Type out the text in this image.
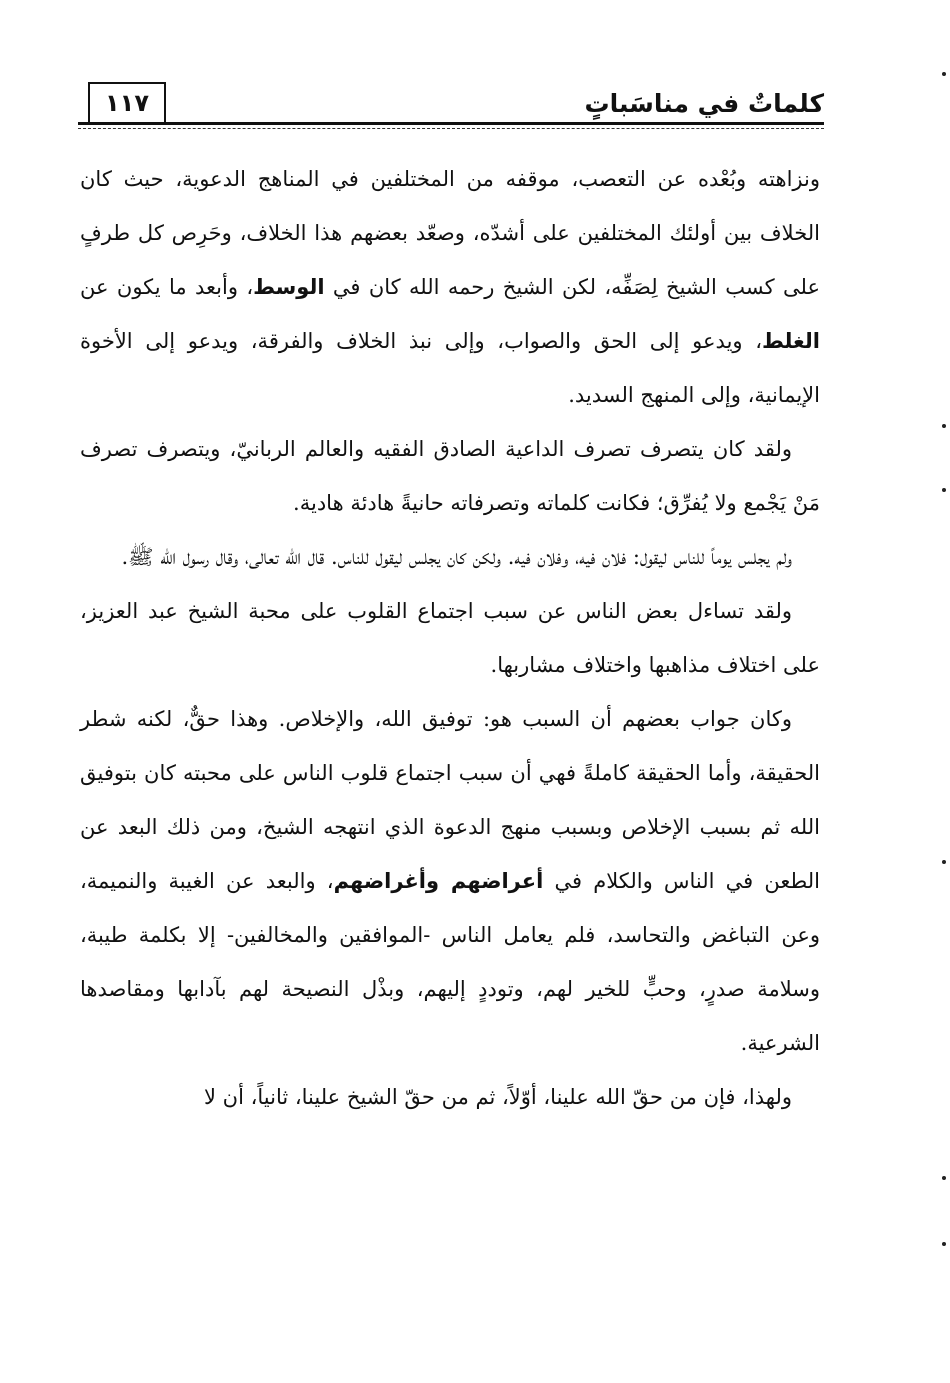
كلماتٌ في مناسَباتٍ
١١٧

ونزاهته وبُعْده عن التعصب، موقفه من المختلفين في المناهج الدعوية، حيث كان الخلاف بين أولئك المختلفين على أشدّه، وصعّد بعضهم هذا الخلاف، وحَرِص كل طرفٍ على كسب الشيخ لِصَفِّه، لكن الشيخ رحمه الله كان في الوسط، وأبعد ما يكون عن الغلط، ويدعو إلى الحق والصواب، وإلى نبذ الخلاف والفرقة، ويدعو إلى الأخوة الإيمانية، وإلى المنهج السديد.

ولقد كان يتصرف تصرف الداعية الصادق الفقيه والعالم الربانيّ، ويتصرف تصرف مَنْ يَجْمع ولا يُفرِّق؛ فكانت كلماته وتصرفاته حانيةً هادئة هادية.

ولم يجلس يوماً للناس ليقول: فلان فيه، وفلان فيه. ولكن كان يجلس ليقول للناس. قال الله تعالى، وقال رسول الله ﷺ.

ولقد تساءل بعض الناس عن سبب اجتماع القلوب على محبة الشيخ عبد العزيز، على اختلاف مذاهبها واختلاف مشاربها.

وكان جواب بعضهم أن السبب هو: توفيق الله، والإخلاص. وهذا حقٌّ، لكنه شطر الحقيقة، وأما الحقيقة كاملةً فهي أن سبب اجتماع قلوب الناس على محبته كان بتوفيق الله ثم بسبب الإخلاص وبسبب منهج الدعوة الذي انتهجه الشيخ، ومن ذلك البعد عن الطعن في الناس والكلام في أعراضهم وأغراضهم، والبعد عن الغيبة والنميمة، وعن التباغض والتحاسد، فلم يعامل الناس -الموافقين والمخالفين- إلا بكلمة طيبة، وسلامة صدرٍ، وحبٍّ للخير لهم، وتوددٍ إليهم، وبذْل النصيحة لهم بآدابها ومقاصدها الشرعية.

ولهذا، فإن من حقّ الله علينا، أوّلاً، ثم من حقّ الشيخ علينا، ثانياً، أن لا
